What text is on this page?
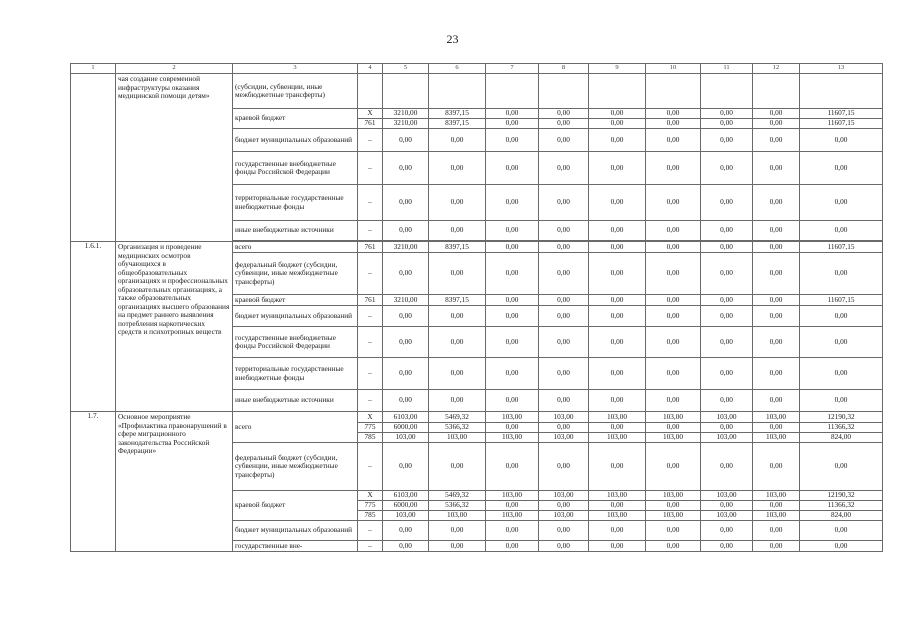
23
1	2	3	4	5	6	7	8	9	10	11	12	13
	чая создание современной инфраструктуры оказания медицинской помощи детям»	(субсидии, субвенции, иные межбюджетные трансферты)										
		краевой бюджет	X	3210,00	8397,15	0,00	0,00	0,00	0,00	0,00	0,00	11607,15
			761	3210,00	8397,15	0,00	0,00	0,00	0,00	0,00	0,00	11607,15
		бюджет муниципальных образований	–	0,00	0,00	0,00	0,00	0,00	0,00	0,00	0,00	0,00
		государственные внебюджетные фонды Российской Федерации	–	0,00	0,00	0,00	0,00	0,00	0,00	0,00	0,00	0,00
		территориальные государственные внебюджетные фонды	–	0,00	0,00	0,00	0,00	0,00	0,00	0,00	0,00	0,00
		иные внебюджетные источники	–	0,00	0,00	0,00	0,00	0,00	0,00	0,00	0,00	0,00

1.6.1.	Организация и проведение медицинских осмотров обучающихся в общеобразовательных организациях и профессиональных образовательных организациях, а также образовательных организациях высшего образования на предмет раннего выявления потребления наркотических средств и психотропных веществ	всего	761	3210,00	8397,15	0,00	0,00	0,00	0,00	0,00	0,00	11607,15
		федеральный бюджет (субсидии, субвенции, иные межбюджетные трансферты)	–	0,00	0,00	0,00	0,00	0,00	0,00	0,00	0,00	0,00
		краевой бюджет	761	3210,00	8397,15	0,00	0,00	0,00	0,00	0,00	0,00	11607,15
		бюджет муниципальных образований	–	0,00	0,00	0,00	0,00	0,00	0,00	0,00	0,00	0,00
		государственные внебюджетные фонды Российской Федерации	–	0,00	0,00	0,00	0,00	0,00	0,00	0,00	0,00	0,00
		территориальные государственные внебюджетные фонды	–	0,00	0,00	0,00	0,00	0,00	0,00	0,00	0,00	0,00
		иные внебюджетные источники	–	0,00	0,00	0,00	0,00	0,00	0,00	0,00	0,00	0,00
1.7.	Основное мероприятие «Профилактика правонарушений в сфере миграционного законодательства Российской Федерации»	всего	X	6103,00	5469,32	103,00	103,00	103,00	103,00	103,00	103,00	12190,32
			775	6000,00	5366,32	0,00	0,00	0,00	0,00	0,00	0,00	11366,32
			785	103,00	103,00	103,00	103,00	103,00	103,00	103,00	103,00	824,00
		федеральный бюджет (субсидии, субвенции, иные межбюджетные трансферты)	–	0,00	0,00	0,00	0,00	0,00	0,00	0,00	0,00	0,00
		краевой бюджет	X	6103,00	5469,32	103,00	103,00	103,00	103,00	103,00	103,00	12190,32
			775	6000,00	5366,32	0,00	0,00	0,00	0,00	0,00	0,00	11366,32
			785	103,00	103,00	103,00	103,00	103,00	103,00	103,00	103,00	824,00
		бюджет муниципальных образований	–	0,00	0,00	0,00	0,00	0,00	0,00	0,00	0,00	0,00
		государственные вне-	–	0,00	0,00	0,00	0,00	0,00	0,00	0,00	0,00	0,00
